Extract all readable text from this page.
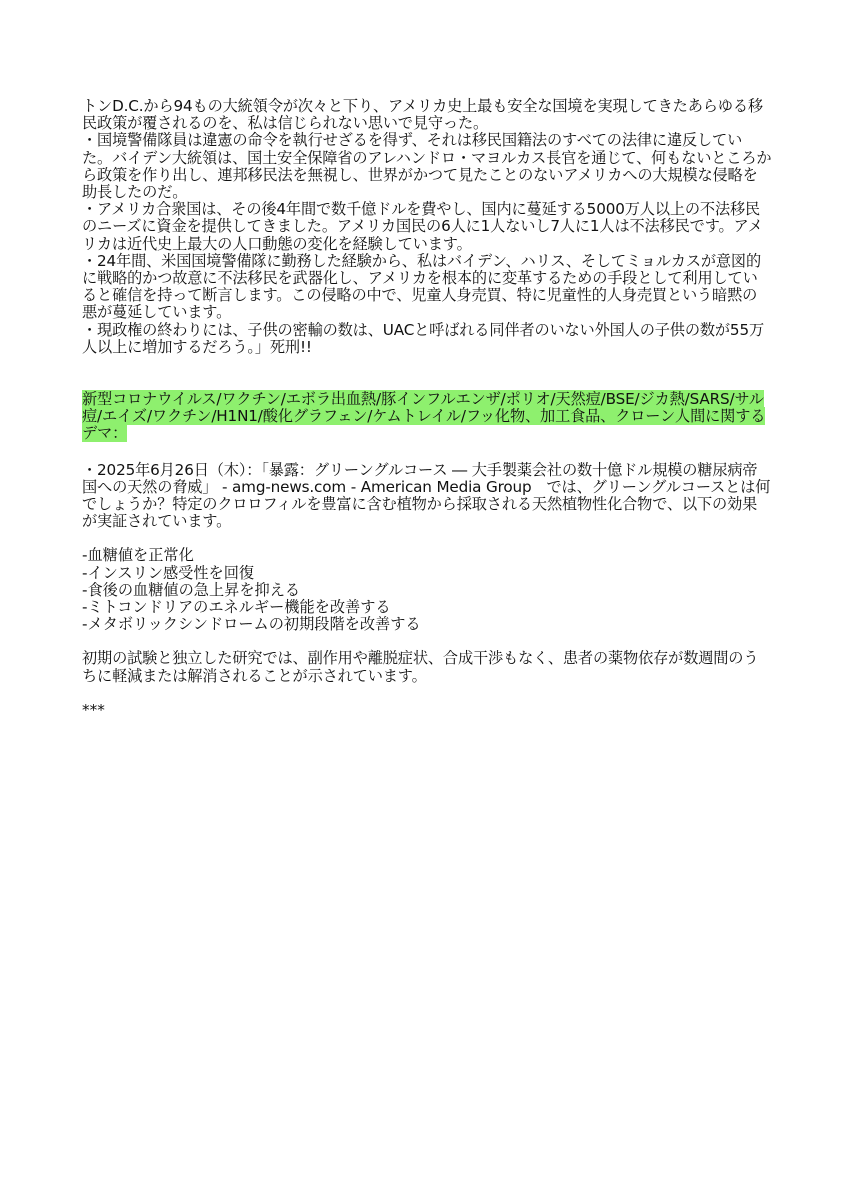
トンD.C.から94もの大統領令が次々と下り、アメリカ史上最も安全な国境を実現してきたあらゆる移民政策が覆されるのを、私は信じられない思いで見守った。

・国境警備隊員は違憲の命令を執行せざるを得ず、それは移民国籍法のすべての法律に違反していた。バイデン大統領は、国土安全保障省のアレハンドロ・マヨルカス長官を通じて、何もないところから政策を作り出し、連邦移民法を無視し、世界がかつて見たことのないアメリカへの大規模な侵略を助長したのだ。

・アメリカ合衆国は、その後4年間で数千億ドルを費やし、国内に蔓延する5000万人以上の不法移民のニーズに資金を提供してきました。アメリカ国民の6人に1人ないし7人に1人は不法移民です。アメリカは近代史上最大の人口動態の変化を経験しています。

・24年間、米国国境警備隊に勤務した経験から、私はバイデン、ハリス、そしてミョルカスが意図的に戦略的かつ故意に不法移民を武器化し、アメリカを根本的に変革するための手段として利用していると確信を持って断言します。この侵略の中で、児童人身売買、特に児童性的人身売買という暗黙の悪が蔓延しています。

・現政権の終わりには、子供の密輸の数は、UACと呼ばれる同伴者のいない外国人の子供の数が55万人以上に増加するだろう。」死刑!!

新型コロナウイルス/ワクチン/エボラ出血熱/豚インフルエンザ/ポリオ/天然痘/BSE/ジカ熱/SARS/サル痘/エイズ/ワクチン/H1N1/酸化グラフェン/ケムトレイル/フッ化物、加工食品、クローン人間に関するデマ：

・2025年6月26日（木）：「暴露：グリーングルコース ― 大手製薬会社の数十億ドル規模の糖尿病帝国への天然の脅威」 - amg-news.com - American Media Group　では、グリーングルコースとは何でしょうか？特定のクロロフィルを豊富に含む植物から採取される天然植物性化合物で、以下の効果が実証されています。

-血糖値を正常化

-インスリン感受性を回復

-食後の血糖値の急上昇を抑える

-ミトコンドリアのエネルギー機能を改善する

-メタボリックシンドロームの初期段階を改善する

初期の試験と独立した研究では、副作用や離脱症状、合成干渉もなく、患者の薬物依存が数週間のうちに軽減または解消されることが示されています。

***
